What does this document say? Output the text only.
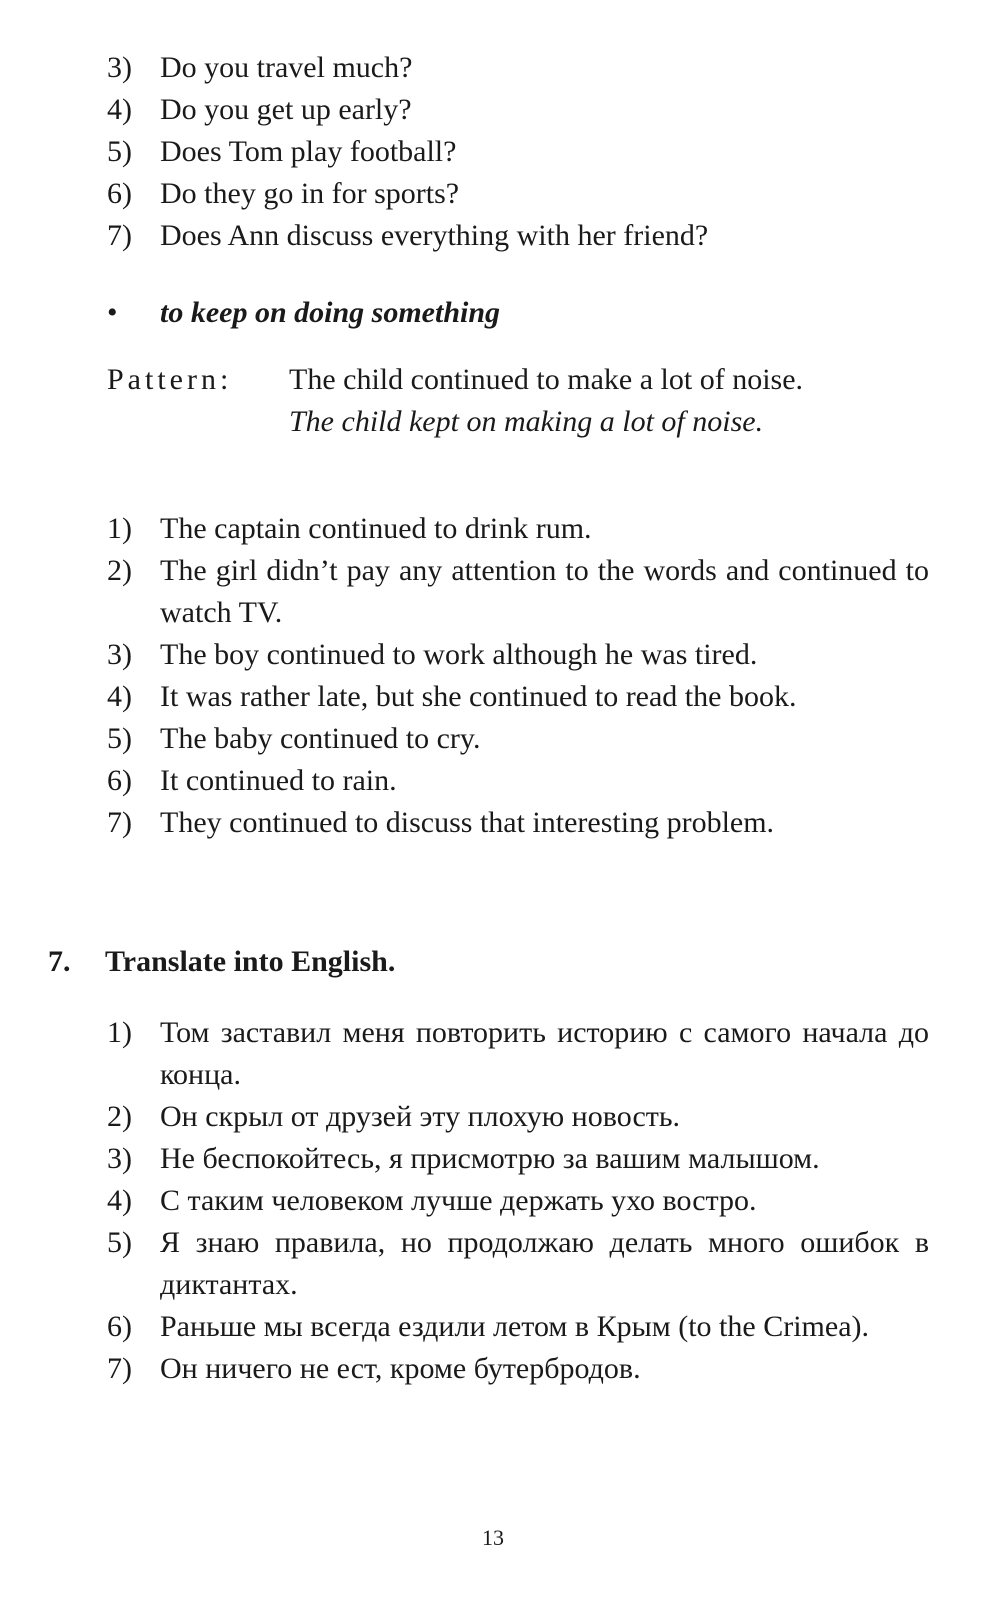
3) Do you travel much?
4) Do you get up early?
5) Does Tom play football?
6) Do they go in for sports?
7) Does Ann discuss everything with her friend?
• to keep on doing something
Pattern: The child continued to make a lot of noise.
The child kept on making a lot of noise.
1) The captain continued to drink rum.
2) The girl didn’t pay any attention to the words and continued to watch TV.
3) The boy continued to work although he was tired.
4) It was rather late, but she continued to read the book.
5) The baby continued to cry.
6) It continued to rain.
7) They continued to discuss that interesting problem.
7. Translate into English.
1) Том заставил меня повторить историю с самого начала до конца.
2) Он скрыл от друзей эту плохую новость.
3) Не беспокойтесь, я присмотрю за вашим малышом.
4) С таким человеком лучше держать ухо востро.
5) Я знаю правила, но продолжаю делать много ошибок в диктантах.
6) Раньше мы всегда ездили летом в Крым (to the Crimea).
7) Он ничего не ест, кроме бутербродов.
13
